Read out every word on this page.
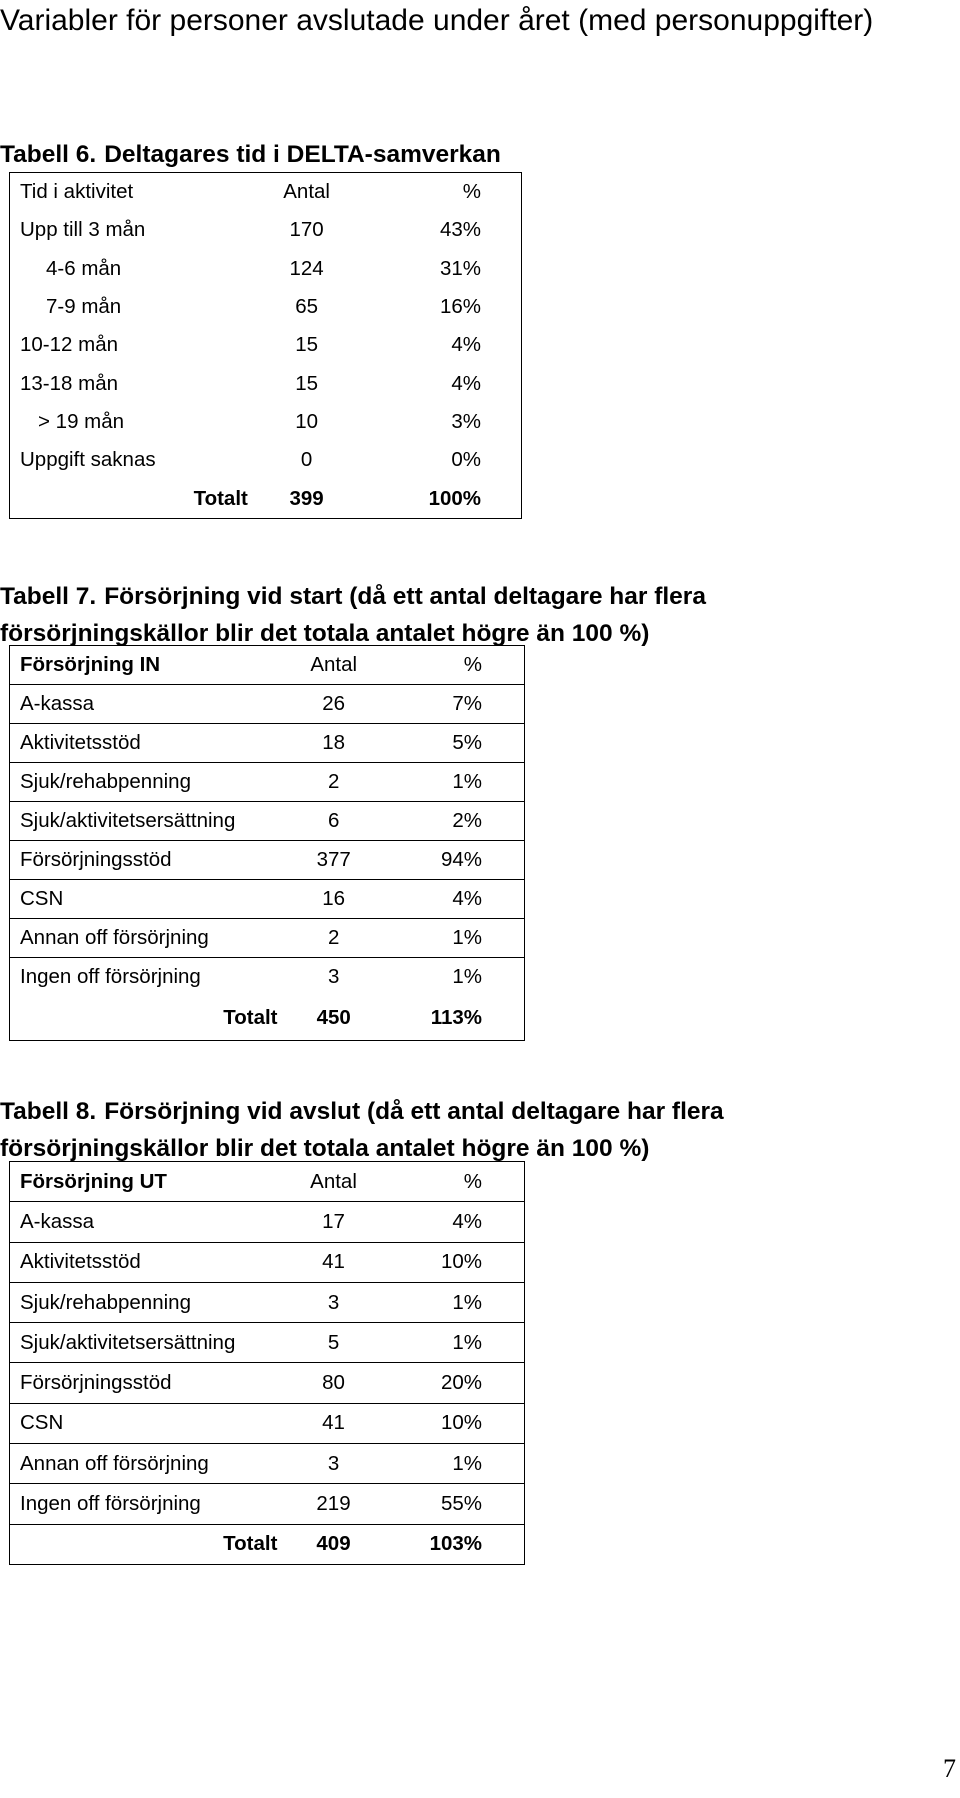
Variabler för personer avslutade under året (med personuppgifter)
Tabell 6. Deltagares tid i DELTA-samverkan
Tid i aktivitet	Antal	%
Upp till 3 mån	170	43%
4-6 mån	124	31%
7-9 mån	65	16%
10-12 mån	15	4%
13-18 mån	15	4%
> 19 mån	10	3%
Uppgift saknas	0	0%
Totalt	399	100%
Tabell 7. Försörjning vid start (då ett antal deltagare har flera
försörjningskällor blir det totala antalet högre än 100 %)
Försörjning IN	Antal	%
A-kassa	26	7%
Aktivitetsstöd	18	5%
Sjuk/rehabpenning	2	1%
Sjuk/aktivitetsersättning	6	2%
Försörjningsstöd	377	94%
CSN	16	4%
Annan off försörjning	2	1%
Ingen off försörjning	3	1%
Totalt	450	113%
Tabell 8. Försörjning vid avslut (då ett antal deltagare har flera
försörjningskällor blir det totala antalet högre än 100 %)
Försörjning UT	Antal	%
A-kassa	17	4%
Aktivitetsstöd	41	10%
Sjuk/rehabpenning	3	1%
Sjuk/aktivitetsersättning	5	1%
Försörjningsstöd	80	20%
CSN	41	10%
Annan off försörjning	3	1%
Ingen off försörjning	219	55%
Totalt	409	103%
7
